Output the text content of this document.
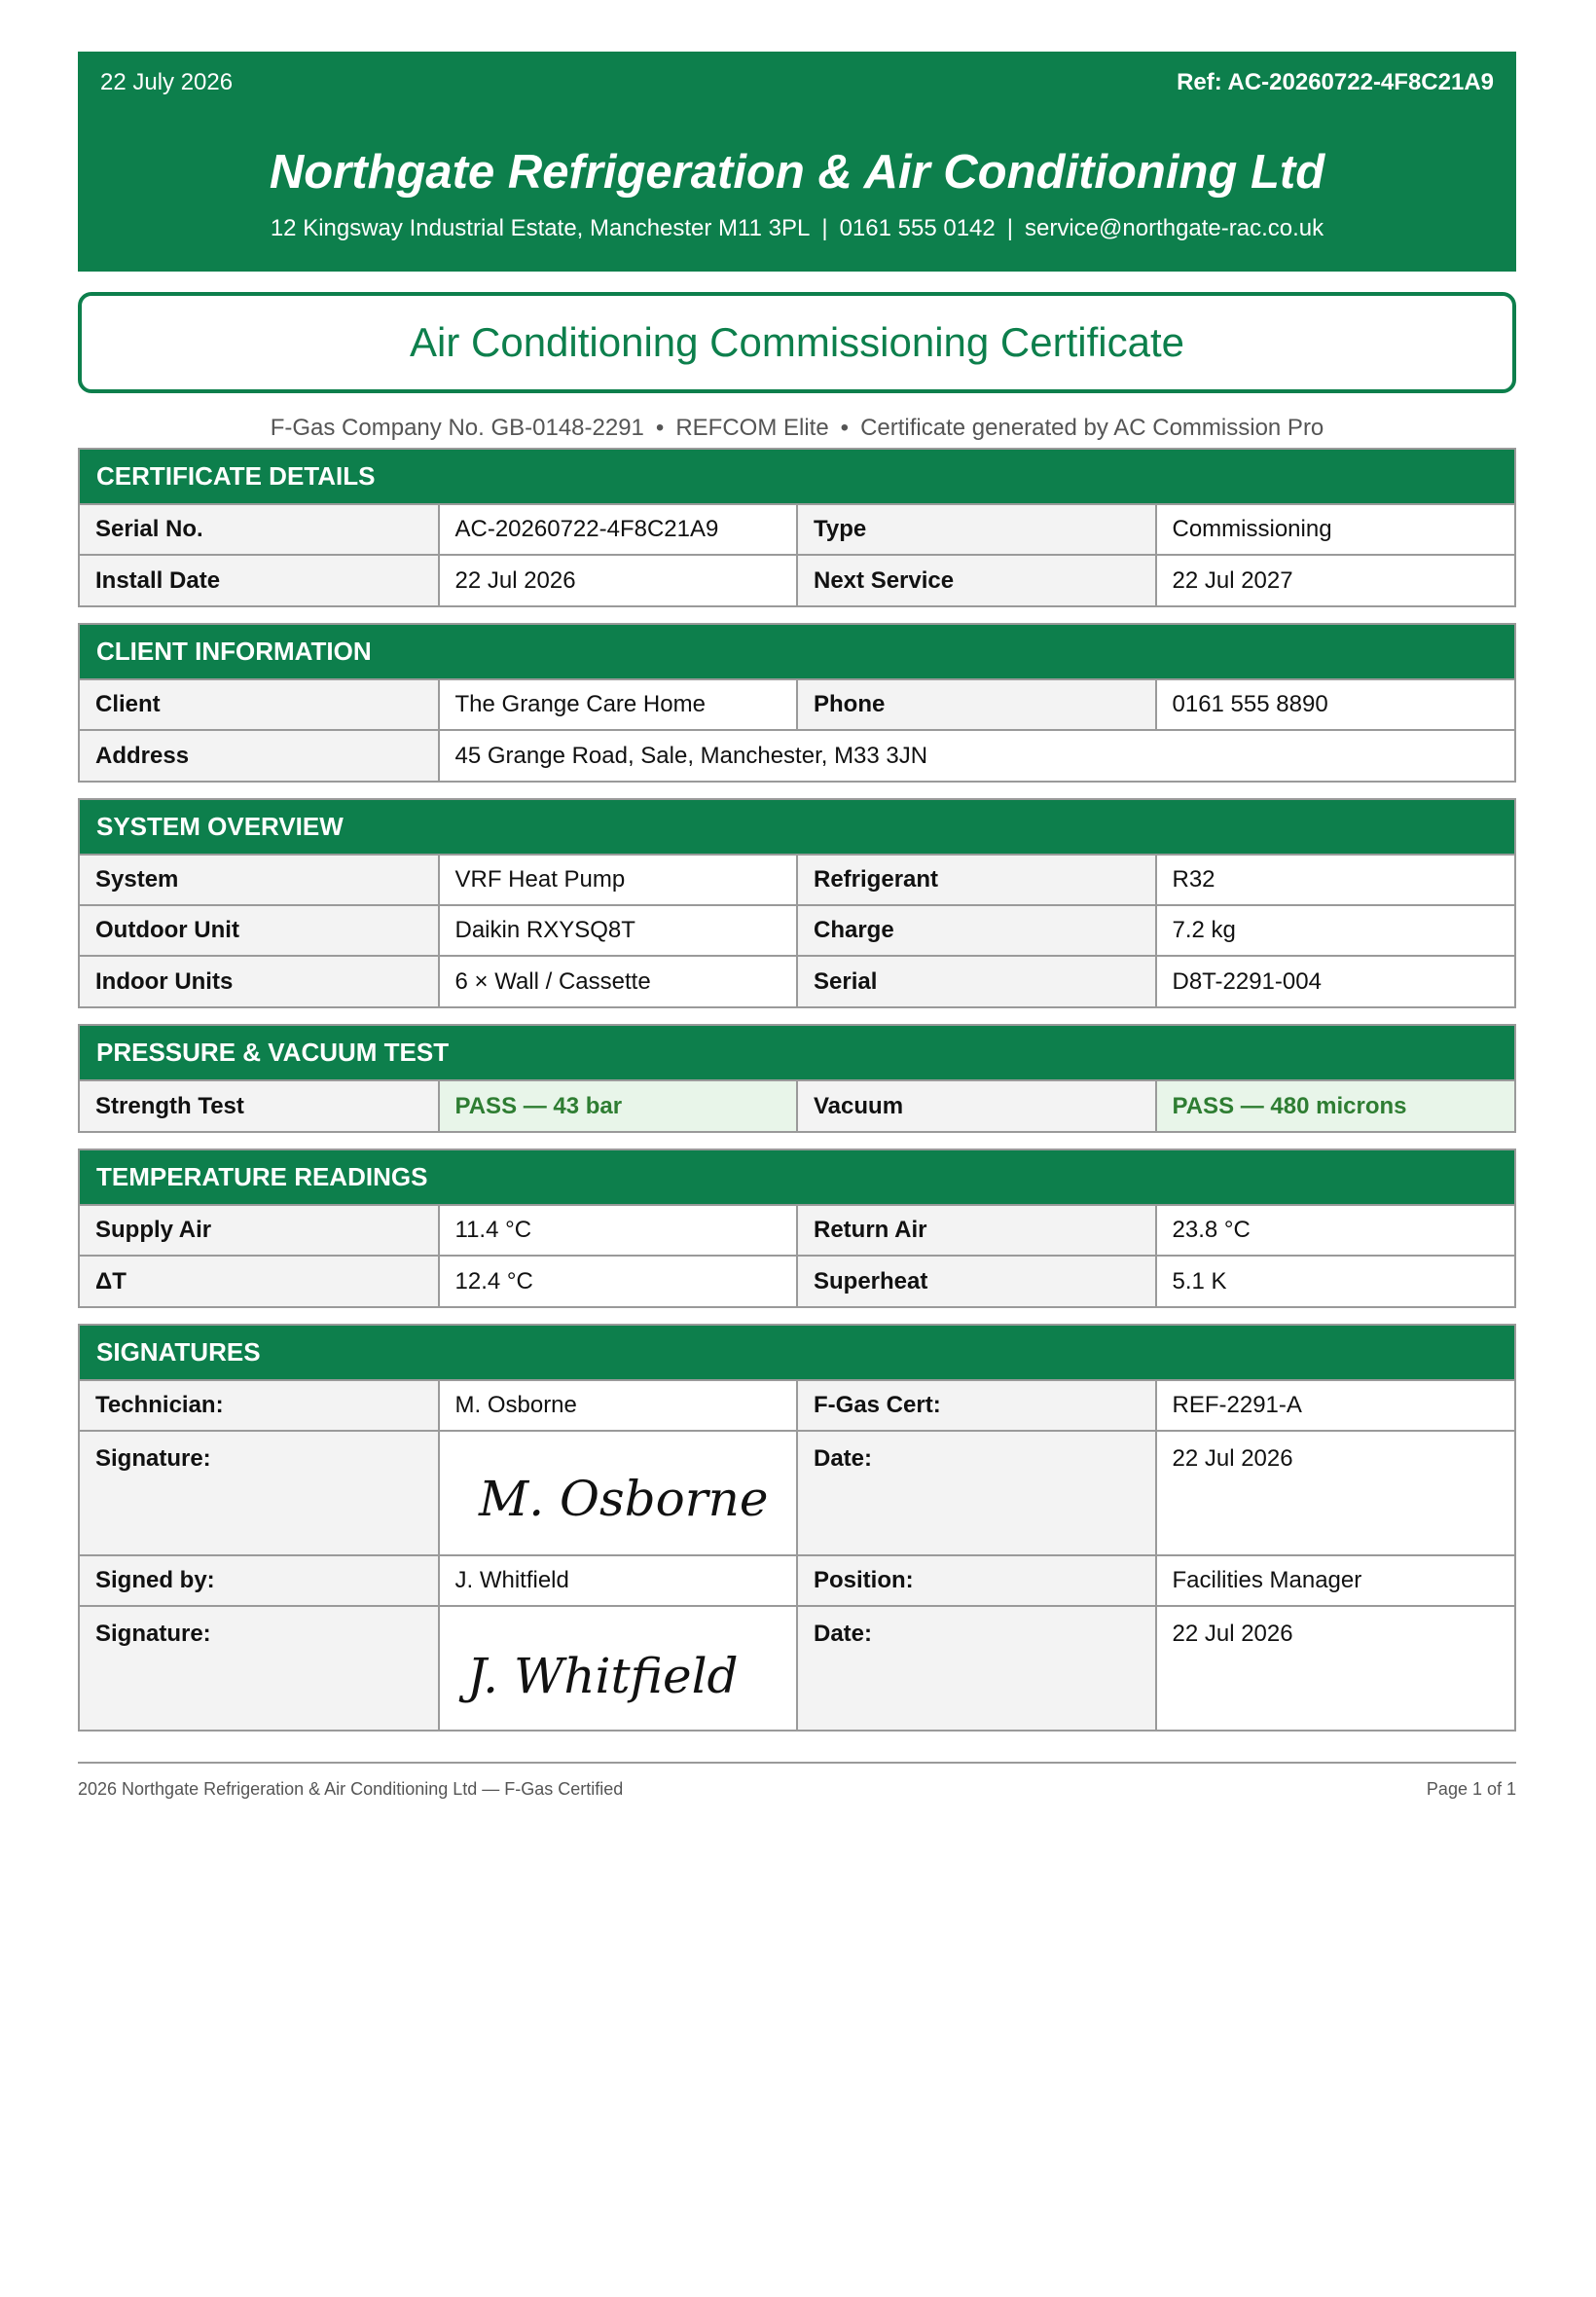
22 July 2026	Ref: AC-20260722-4F8C21A9
Northgate Refrigeration & Air Conditioning Ltd
12 Kingsway Industrial Estate, Manchester M11 3PL | 0161 555 0142 | service@northgate-rac.co.uk
Air Conditioning Commissioning Certificate
F-Gas Company No. GB-0148-2291 • REFCOM Elite • Certificate generated by AC Commission Pro
CERTIFICATE DETAILS
Serial No.	AC-20260722-4F8C21A9	Type	Commissioning
Install Date	22 Jul 2026	Next Service	22 Jul 2027
CLIENT INFORMATION
Client	The Grange Care Home	Phone	0161 555 8890
Address	45 Grange Road, Sale, Manchester, M33 3JN		
SYSTEM OVERVIEW
System	VRF Heat Pump	Refrigerant	R32
Outdoor Unit	Daikin RXYSQ8T	Charge	7.2 kg
Indoor Units	6 × Wall / Cassette	Serial	D8T-2291-004
PRESSURE & VACUUM TEST
Strength Test	PASS — 43 bar	Vacuum	PASS — 480 microns
TEMPERATURE READINGS
Supply Air	11.4 °C	Return Air	23.8 °C
ΔT	12.4 °C	Superheat	5.1 K
SIGNATURES
Technician:	M. Osborne	F-Gas Cert:	REF-2291-A
Signature:	M. Osborne	Date:	22 Jul 2026
Signed by:	J. Whitfield	Position:	Facilities Manager
Signature:	J. Whitfield	Date:	22 Jul 2026
2026 Northgate Refrigeration & Air Conditioning Ltd — F-Gas Certified	Page 1 of 1
